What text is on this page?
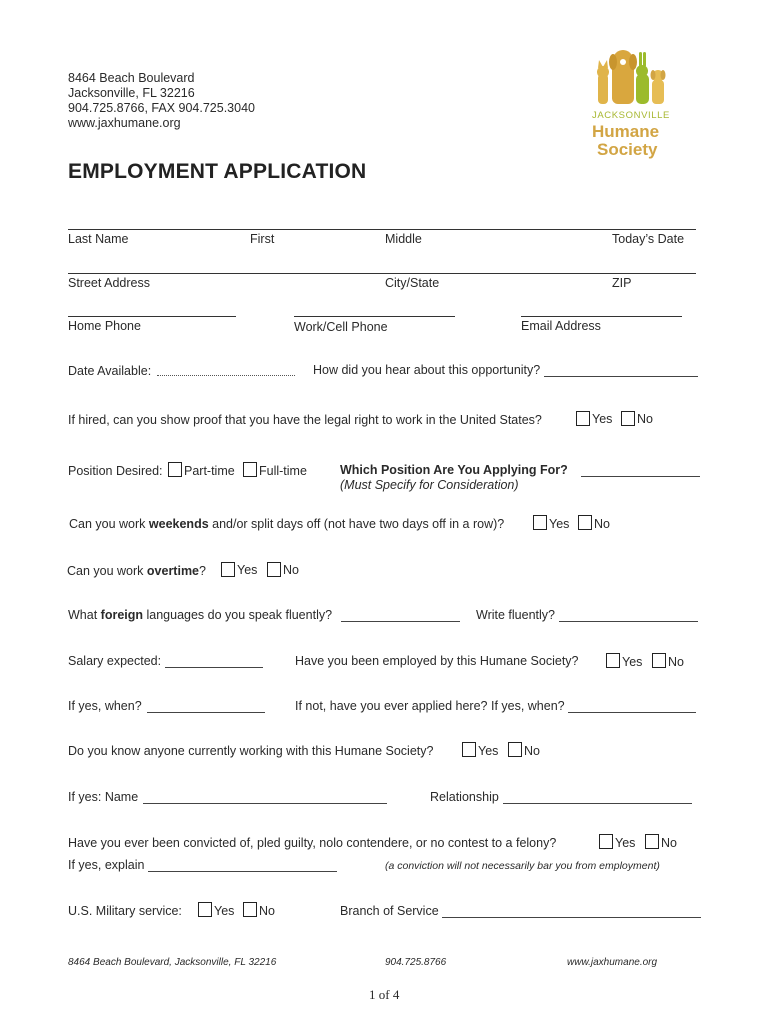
8464 Beach Boulevard
Jacksonville, FL 32216
904.725.8766, FAX 904.725.3040
www.jaxhumane.org
JACKSONVILLE
Humane
Society
EMPLOYMENT APPLICATION
Last Name	First	Middle	Today’s Date
Street Address	City/State	ZIP
Home Phone	Work/Cell Phone	Email Address
Date Available:	How did you hear about this opportunity?
If hired, can you show proof that you have the legal right to work in the United States?	Yes No
Position Desired: Part-time Full-time	Which Position Are You Applying For?
(Must Specify for Consideration)
Can you work weekends and/or split days off (not have two days off in a row)?	Yes No
Can you work overtime? Yes No
What foreign languages do you speak fluently?	Write fluently?
Salary expected:	Have you been employed by this Humane Society?	Yes No
If yes, when?	If not, have you ever applied here? If yes, when?
Do you know anyone currently working with this Humane Society?	Yes No
If yes: Name	Relationship
Have you ever been convicted of, pled guilty, nolo contendere, or no contest to a felony?	Yes No
If yes, explain	(a conviction will not necessarily bar you from employment)
U.S. Military service:	Yes No	Branch of Service
8464 Beach Boulevard, Jacksonville, FL 32216	904.725.8766	www.jaxhumane.org
1 of 4
